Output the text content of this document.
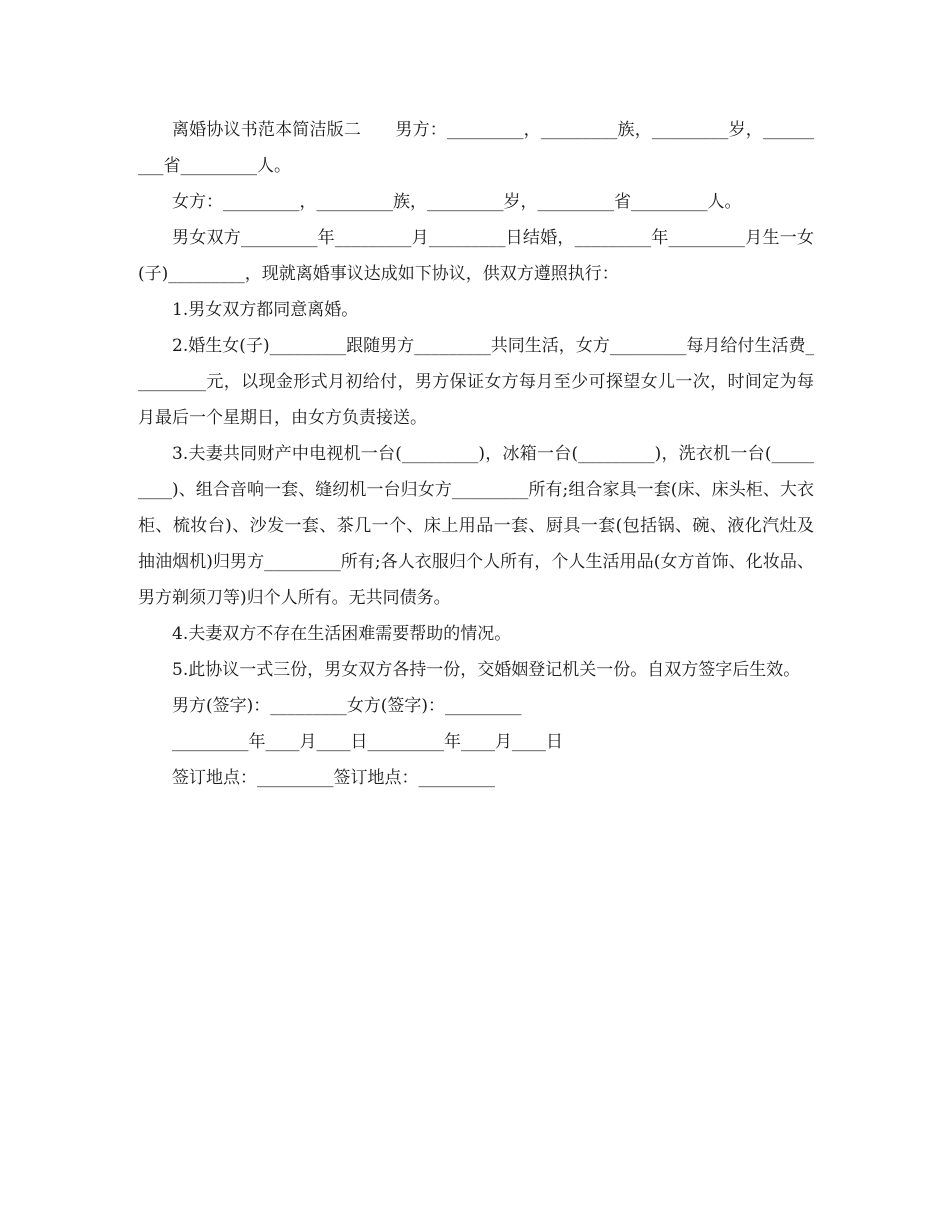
离婚协议书范本简洁版二　　男方：_________，_________族，_________岁，_________省_________人。

女方：_________，_________族，_________岁，_________省_________人。

男女双方_________年_________月_________日结婚，_________年_________月生一女(子)_________，现就离婚事议达成如下协议，供双方遵照执行：

1.男女双方都同意离婚。

2.婚生女(子)_________跟随男方_________共同生活，女方_________每月给付生活费_________元，以现金形式月初给付，男方保证女方每月至少可探望女儿一次，时间定为每月最后一个星期日，由女方负责接送。

3.夫妻共同财产中电视机一台(_________)，冰箱一台(_________)，洗衣机一台(_________)、组合音响一套、缝纫机一台归女方_________所有;组合家具一套(床、床头柜、大衣柜、梳妆台)、沙发一套、茶几一个、床上用品一套、厨具一套(包括锅、碗、液化汽灶及抽油烟机)归男方_________所有;各人衣服归个人所有，个人生活用品(女方首饰、化妆品、男方剃须刀等)归个人所有。无共同债务。

4.夫妻双方不存在生活困难需要帮助的情况。

5.此协议一式三份，男女双方各持一份，交婚姻登记机关一份。自双方签字后生效。

男方(签字)：_________女方(签字)：_________

_________年____月____日_________年____月____日

签订地点：_________签订地点：_________
